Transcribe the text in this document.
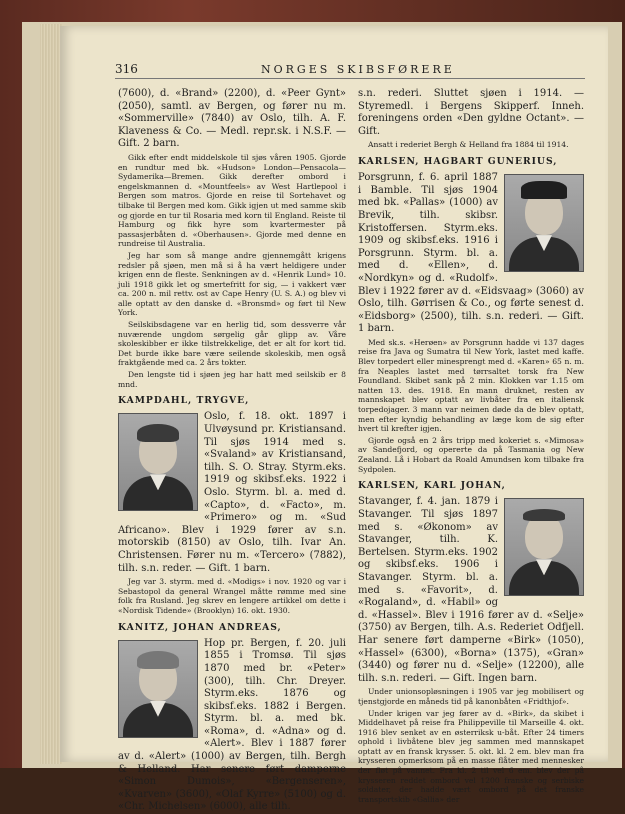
316	NORGES SKIBSFØRERE

(7600), d. «Brand» (2200), d. «Peer Gynt» (2050), samtl. av Bergen, og fører nu m. «Sommerville» (7840) av Oslo, tilh. A. F. Klaveness & Co. — Medl. repr.sk. i N.S.F. — Gift. 2 barn.

Gikk efter endt middelskole til sjøs våren 1905. Gjorde en rundtur med bk. «Hudson» London—Pensacola—Sydamerika—Bremen. Gikk derefter ombord i engelskmannen d. «Mountfeels» av West Hartlepool i Bergen som matros. Gjorde en reise til Sortehavet og tilbake til Bergen med kom. Gikk igjen ut med samme skib og gjorde en tur til Rosaria med korn til England. Reiste til Hamburg og fikk hyre som kvartermester på passasjerbåten d. «Oberhausen». Gjorde med denne en rundreise til Australia.

Jeg har som så mange andre gjennemgått krigens redsler på sjøen, men må si å ha vært heldigere under krigen enn de fleste. Senkningen av d. «Henrik Lund» 10. juli 1918 gikk let og smertefritt for sig, — i vakkert vær ca. 200 n. mil rettv. ost av Cape Henry (U. S. A.) og blev vi alle optatt av den danske d. «Bronsmd» og ført til New York.

Seilskibsdagene var en herlig tid, som dessverre vår nuværende ungdom sørgelig går glipp av. Våre skoleskibber er ikke tilstrekkelige, det er alt for kort tid. Det burde ikke bare være seilende skoleskib, men også fraktgående med ca. 2 års tokter.

Den lengste tid i sjøen jeg har hatt med seilskib er 8 mnd.

KAMPDAHL, TRYGVE,

Oslo, f. 18. okt. 1897 i Ulvøysund pr. Kristiansand. Til sjøs 1914 med s. «Svaland» av Kristiansand, tilh. S. O. Stray. Styrm.eks. 1919 og skibsf.eks. 1922 i Oslo. Styrm. bl. a. med d. «Capto», d. «Facto», m. «Primero» og m. «Sud Africano». Blev i 1929 fører av s.n. motorskib (8150) av Oslo, tilh. Ivar An. Christensen. Fører nu m. «Tercero» (7882), tilh. s.n. reder. — Gift. 1 barn.

Jeg var 3. styrm. med d. «Modigs» i nov. 1920 og var i Sebastopol da general Wrangel måtte rømme med sine folk fra Rusland. Jeg skrev en lengere artikkel om dette i «Nordisk Tidende» (Brooklyn) 16. okt. 1930.

KANITZ, JOHAN ANDREAS,

Hop pr. Bergen, f. 20. juli 1855 i Tromsø. Til sjøs 1870 med br. «Peter» (300), tilh. Chr. Dreyer. Styrm.eks. 1876 og skibsf.eks. 1882 i Bergen. Styrm. bl. a. med bk. «Roma», d. «Adna» og d. «Alert». Blev i 1887 fører av d. «Alert» (1000) av Bergen, tilh. Bergh & Helland. Har senere ført damperne «Simon Dumois», «Bergenseren», «Kvarven» (3600), «Olaf Kyrre» (5100) og d. «Chr. Michelsen» (6000), alle tilh.

s.n. rederi. Sluttet sjøen i 1914. — Styremedl. i Bergens Skipperf. Inneh. foreningens orden «Den gyldne Octant». — Gift.

Ansatt i rederiet Bergh & Helland fra 1884 til 1914.

KARLSEN, HAGBART GUNERIUS,

Porsgrunn, f. 6. april 1887 i Bamble. Til sjøs 1904 med bk. «Pallas» (1000) av Brevik, tilh. skibsr. Kristoffersen. Styrm.eks. 1909 og skibsf.eks. 1916 i Porsgrunn. Styrm. bl. a. med d. «Ellen», d. «Nordkyn» og d. «Rudolf». Blev i 1922 fører av d. «Eidsvaag» (3060) av Oslo, tilh. Gørrisen & Co., og førte senest d. «Eidsborg» (2500), tilh. s.n. rederi. — Gift. 1 barn.

Med sk.s. «Herøen» av Porsgrunn hadde vi 137 dages reise fra Java og Sumatra til New York, lastet med kaffe. Blev torpedert eller minesprengt med d. «Karen» 65 n. m. fra Neaples lastet med tørrsaltet torsk fra New Foundland. Skibet sank på 2 min. Klokken var 1.15 om natten 13. des. 1918. En mann druknet, resten av mannskapet blev optatt av livbåter fra en italiensk torpedojager. 3 mann var neimen døde da de blev optatt, men efter kyndig behandling av læge kom de sig efter hvert til krefter igjen.

Gjorde også en 2 års tripp med kokeriet s. «Mimosa» av Sandefjord, og opererte da på Tasmania og New Zealand. Lå i Hobart da Roald Amundsen kom tilbake fra Sydpolen.

KARLSEN, KARL JOHAN,

Stavanger, f. 4. jan. 1879 i Stavanger. Til sjøs 1897 med s. «Økonom» av Stavanger, tilh. K. Bertelsen. Styrm.eks. 1902 og skibsf.eks. 1906 i Stavanger. Styrm. bl. a. med s. «Favorit», d. «Rogaland», d. «Habil» og d. «Hassel». Blev i 1916 fører av d. «Selje» (3750) av Bergen, tilh. A.s. Rederiet Odfjell. Har senere ført damperne «Birk» (1050), «Hassel» (6300), «Borna» (1375), «Gran» (3440) og fører nu d. «Selje» (12200), alle tilh. s.n. rederi. — Gift. Ingen barn.

Under unionsopløsningen i 1905 var jeg mobilisert og tjenstgjorde en måneds tid på kanonbåten «Fridthjof».

Under krigen var jeg fører av d. «Birk», da skibet i Middelhavet på reise fra Philippeville til Marseille 4. okt. 1916 blev senket av en østerriksk u-båt. Efter 24 timers ophold i livbåtene blev jeg sammen med mannskapet optatt av en fransk krysser. 5. okt. kl. 2 em. blev man fra krysseren opmerksom på en masse flåter med mennesker der fløt på vannet. Fra kl. 2 til vel 6 em. blev der på krysseren reddet ombord vel 1200 franske og serbiske soldater, der hadde vært ombord på det franske transportskib «Gallia» der
